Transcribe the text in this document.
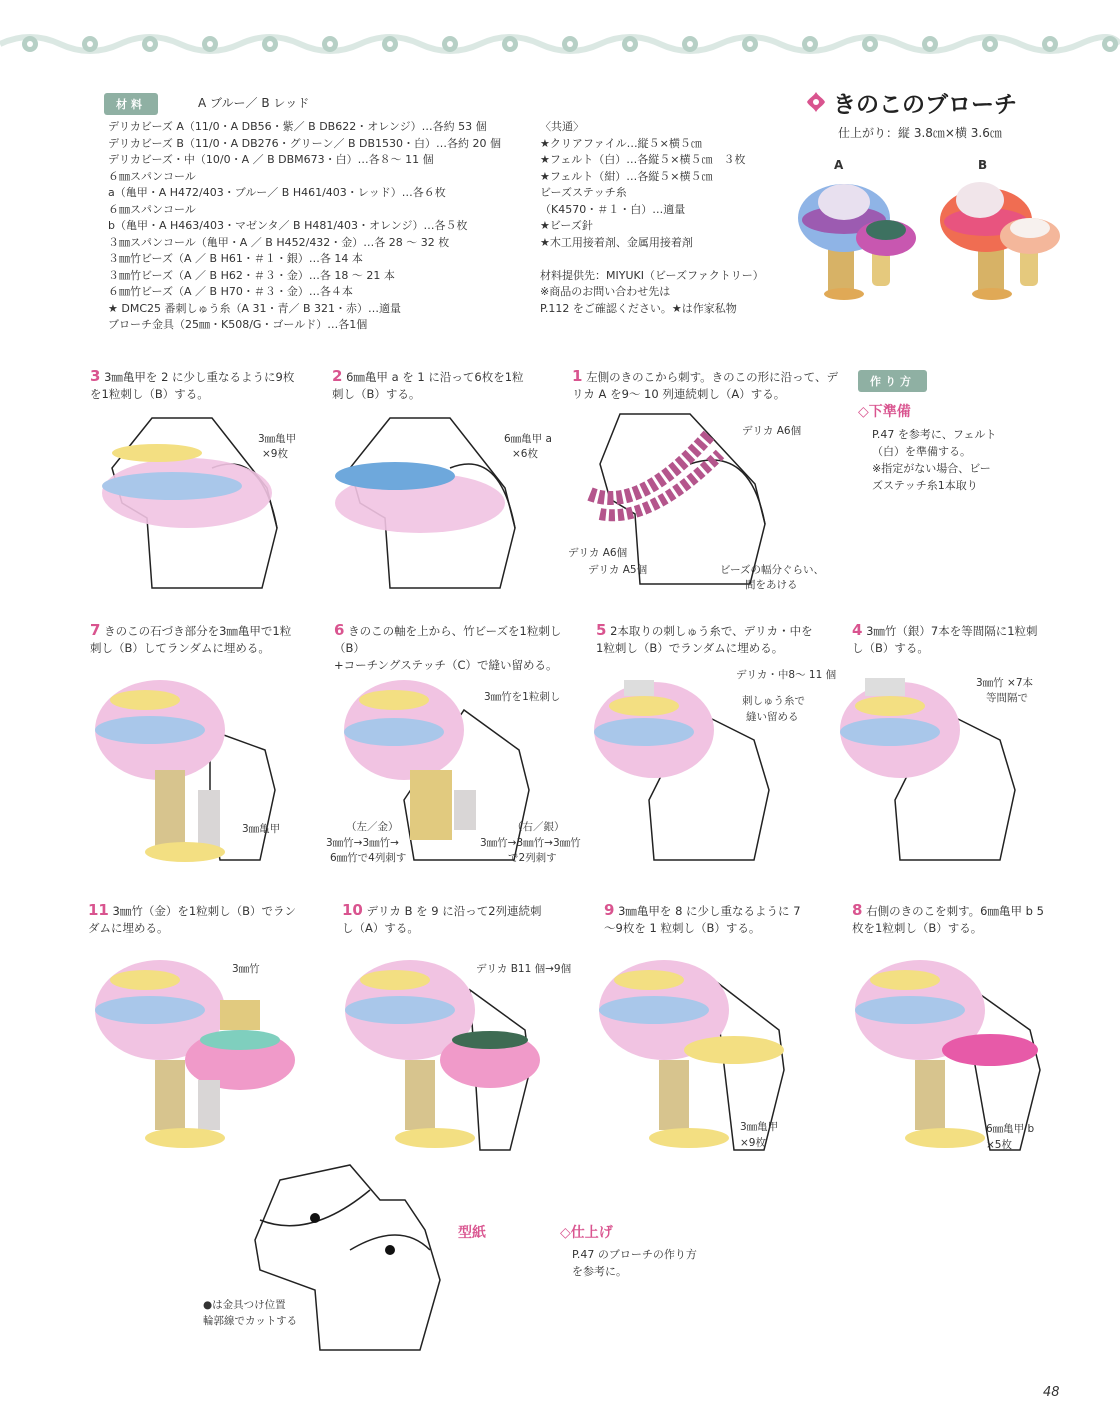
材料	A ブルー／ B レッド
デリカビーズ A（11/0・A DB56・紫／ B DB622・オレンジ）…各約 53 個
デリカビーズ B（11/0・A DB276・グリーン／ B DB1530・白）…各約 20 個
デリカビーズ・中（10/0・A ／ B DBM673・白）…各８～ 11 個
６㎜スパンコール
a（亀甲・A H472/403・ブルー／ B H461/403・レッド）…各６枚
６㎜スパンコール
b（亀甲・A H463/403・マゼンタ／ B H481/403・オレンジ）…各５枚
３㎜スパンコール（亀甲・A ／ B H452/432・金）…各 28 ～ 32 枚
３㎜竹ビーズ（A ／ B H61・＃１・銀）…各 14 本
３㎜竹ビーズ（A ／ B H62・＃３・金）…各 18 ～ 21 本
６㎜竹ビーズ（A ／ B H70・＃３・金）…各４本
★ DMC25 番刺しゅう糸（A 31・青／ B 321・赤）…適量
ブローチ金具（25㎜・K508/G・ゴールド）…各1個
〈共通〉
★クリアファイル…縦５×横５㎝
★フェルト（白）…各縦５×横５㎝　３枚
★フェルト（紺）…各縦５×横５㎝
ビーズステッチ糸
（K4570・＃１・白）…適量
★ビーズ針
★木工用接着剤、金属用接着剤
材料提供先：MIYUKI（ビーズファクトリー）
※商品のお問い合わせ先は
P.112 をご確認ください。★は作家私物
きのこのブローチ
仕上がり：縦 3.8㎝×横 3.6㎝
A	B
作り方
◇下準備
P.47 を参考に、フェルト
（白）を準備する。
※指定がない場合、ビー
ズステッチ糸1本取り
3 3㎜亀甲を 2 に少し重なるように9枚
を1粒刺し（B）する。
2 6㎜亀甲 a を 1 に沿って6枚を1粒
刺し（B）する。
1 左側のきのこから刺す。きのこの形に沿って、デ
リカ A を9～ 10 列連続刺し（A）する。
7 きのこの石づき部分を3㎜亀甲で1粒
刺し（B）してランダムに埋める。
6 きのこの軸を上から、竹ビーズを1粒刺し（B）
+コーチングステッチ（C）で縫い留める。
5 2本取りの刺しゅう糸で、デリカ・中を
1粒刺し（B）でランダムに埋める。
4 3㎜竹（銀）7本を等間隔に1粒刺
し（B）する。
11 3㎜竹（金）を1粒刺し（B）でラン
ダムに埋める。
10 デリカ B を 9 に沿って2列連続刺
し（A）する。
9 3㎜亀甲を 8 に少し重なるように 7
～9枚を 1 粒刺し（B）する。
8 右側のきのこを刺す。6㎜亀甲 b 5
枚を1粒刺し（B）する。
3㎜亀甲
×9枚
6㎜亀甲 a
×6枚
デリカ A6個
デリカ A6個
デリカ A5個	ビーズの幅分ぐらい、
間をあける
3㎜亀甲
3㎜竹を1粒刺し
（左／金）
3㎜竹→3㎜竹→
6㎜竹で4列刺す
（右／銀）
3㎜竹→3㎜竹→3㎜竹
で2列刺す
デリカ・中8～ 11 個
刺しゅう糸で
縫い留める
3㎜竹 ×7本
等間隔で
3㎜竹	デリカ B11 個→9個
3㎜亀甲
×9枚
6㎜亀甲 b
×5枚
型紙
●は金具つけ位置
輪郭線でカットする
◇仕上げ
P.47 のブローチの作り方
を参考に。
48
